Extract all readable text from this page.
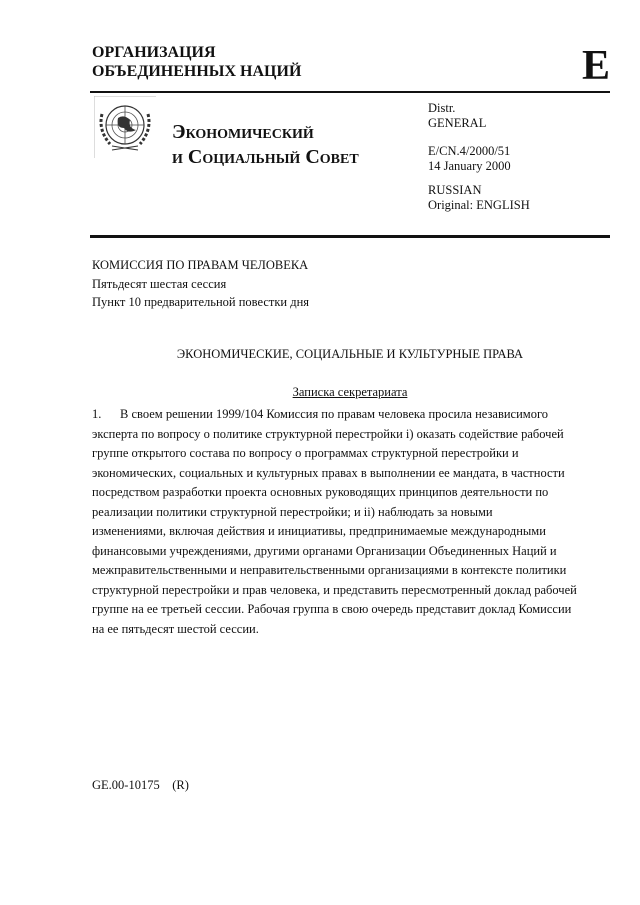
ОРГАНИЗАЦИЯ
ОБЪЕДИНЕННЫХ НАЦИЙ	E
Экономический
и Социальный Совет
Distr.
GENERAL
E/CN.4/2000/51
14 January 2000
RUSSIAN
Original: ENGLISH
КОМИССИЯ ПО ПРАВАМ ЧЕЛОВЕКА
Пятьдесят шестая сессия
Пункт 10 предварительной повестки дня
ЭКОНОМИЧЕСКИЕ, СОЦИАЛЬНЫЕ И КУЛЬТУРНЫЕ ПРАВА
Записка секретариата
1. В своем решении 1999/104 Комиссия по правам человека просила независимого
эксперта по вопросу о политике структурной перестройки i) оказать содействие рабочей
группе открытого состава по вопросу о программах структурной перестройки и
экономических, социальных и культурных правах в выполнении ее мандата, в частности
посредством разработки проекта основных руководящих принципов деятельности по
реализации политики структурной перестройки; и ii) наблюдать за новыми
изменениями, включая действия и инициативы, предпринимаемые международными
финансовыми учреждениями, другими органами Организации Объединенных Наций и
межправительственными и неправительственными организациями в контексте политики
структурной перестройки и прав человека, и представить пересмотренный доклад рабочей
группе на ее третьей сессии. Рабочая группа в свою очередь представит доклад Комиссии
на ее пятьдесят шестой сессии.
GE.00-10175    (R)
